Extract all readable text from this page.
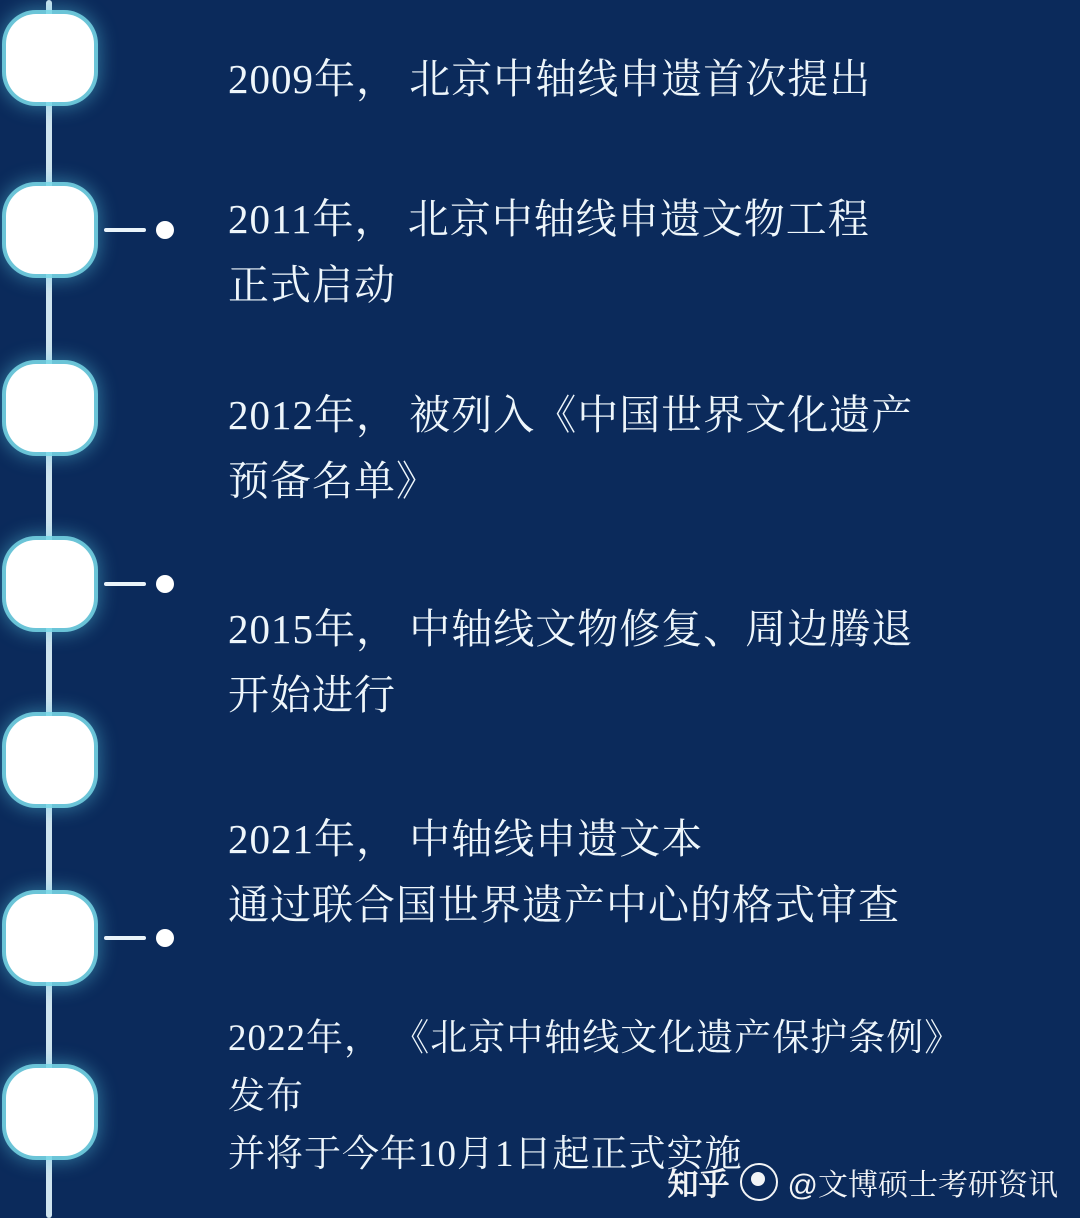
2009年， 北京中轴线申遗首次提出
2011年， 北京中轴线申遗文物工程
正式启动
2012年， 被列入《中国世界文化遗产
预备名单》
2015年， 中轴线文物修复、周边腾退
开始进行
2021年， 中轴线申遗文本
通过联合国世界遗产中心的格式审查
2022年， 《北京中轴线文化遗产保护条例》
发布
并将于今年10月1日起正式实施
知乎 @文博硕士考研资讯
